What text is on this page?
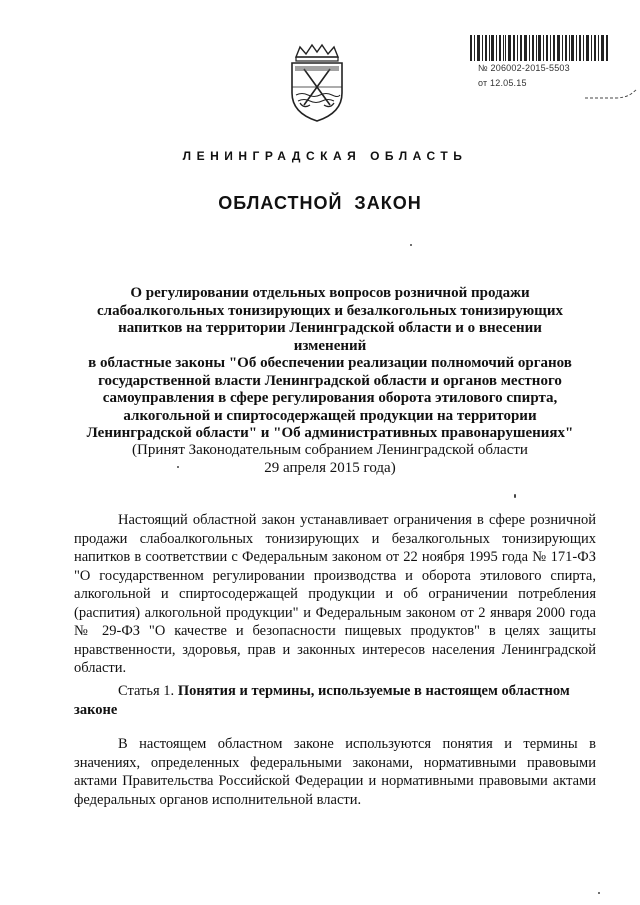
№ 206002-2015-5503
от 12.05.15
ЛЕНИНГРАДСКАЯ ОБЛАСТЬ
ОБЛАСТНОЙ ЗАКОН
О регулировании отдельных вопросов розничной продажи
слабоалкогольных тонизирующих и безалкогольных тонизирующих
напитков на территории Ленинградской области и о внесении изменений
в областные законы "Об обеспечении реализации полномочий органов
государственной власти Ленинградской области и органов местного
самоуправления в сфере регулирования оборота этилового спирта,
алкогольной и спиртосодержащей продукции на территории
Ленинградской области" и "Об административных правонарушениях"
(Принят Законодательным собранием Ленинградской области
29 апреля 2015 года)
Настоящий областной закон устанавливает ограничения в сфере розничной продажи слабоалкогольных тонизирующих и безалкогольных тонизирующих напитков в соответствии с Федеральным законом от 22 ноября 1995 года № 171-ФЗ "О государственном регулировании производства и оборота этилового спирта, алкогольной и спиртосодержащей продукции и об ограничении потребления (распития) алкогольной продукции" и Федеральным законом от 2 января 2000 года № 29-ФЗ "О качестве и безопасности пищевых продуктов" в целях защиты нравственности, здоровья, прав и законных интересов населения Ленинградской области.
Статья 1. Понятия и термины, используемые в настоящем областном законе
В настоящем областном законе используются понятия и термины в значениях, определенных федеральными законами, нормативными правовыми актами Правительства Российской Федерации и нормативными правовыми актами федеральных органов исполнительной власти.
